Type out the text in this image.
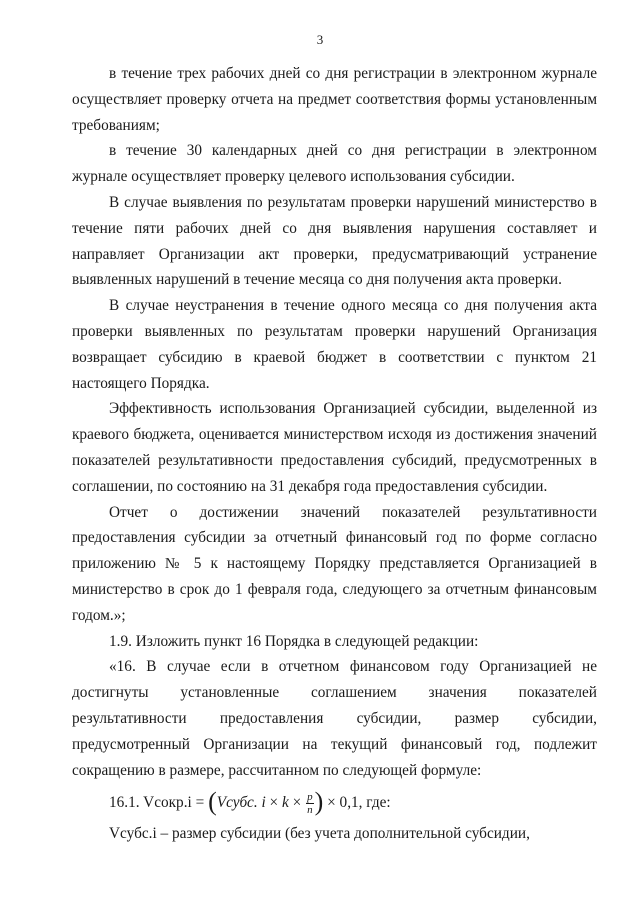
3

в течение трех рабочих дней со дня регистрации в электронном журнале осуществляет проверку отчета на предмет соответствия формы установленным требованиям;

в течение 30 календарных дней со дня регистрации в электронном журнале осуществляет проверку целевого использования субсидии.

В случае выявления по результатам проверки нарушений министерство в течение пяти рабочих дней со дня выявления нарушения составляет и направляет Организации акт проверки, предусматривающий устранение выявленных нарушений в течение месяца со дня получения акта проверки.

В случае неустранения в течение одного месяца со дня получения акта проверки выявленных по результатам проверки нарушений Организация возвращает субсидию в краевой бюджет в соответствии с пунктом 21 настоящего Порядка.

Эффективность использования Организацией субсидии, выделенной из краевого бюджета, оценивается министерством исходя из достижения значений показателей результативности предоставления субсидий, предусмотренных в соглашении, по состоянию на 31 декабря года предоставления субсидии.

Отчет о достижении значений показателей результативности предоставления субсидии за отчетный финансовый год по форме согласно приложению № 5 к настоящему Порядку представляется Организацией в министерство в срок до 1 февраля года, следующего за отчетным финансовым годом.»;

1.9. Изложить пункт 16 Порядка в следующей редакции:

«16. В случае если в отчетном финансовом году Организацией не достигнуты установленные соглашением значения показателей результативности предоставления субсидии, размер субсидии, предусмотренный Организации на текущий финансовый год, подлежит сокращению в размере, рассчитанном по следующей формуле:

16.1. Vсокр.i = (Vсубс. $i \times k \times \frac{p}{n}$ ) × 0,1, где:

Vсубс.i – размер субсидии (без учета дополнительной субсидии,
